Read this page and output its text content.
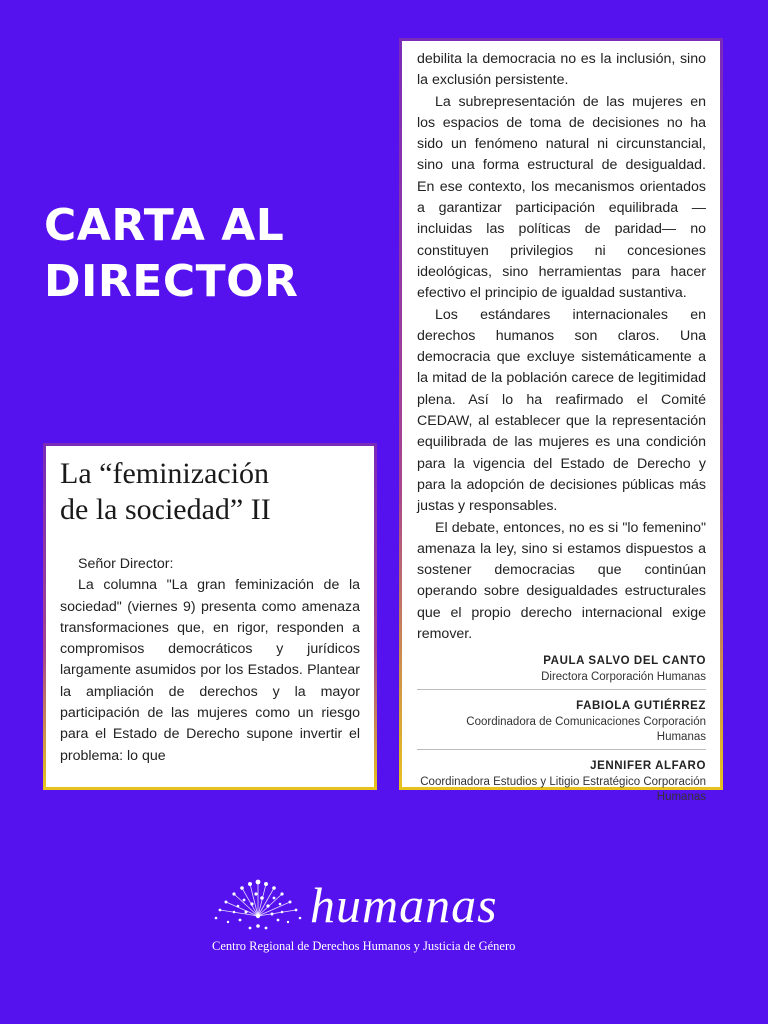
CARTA AL
DIRECTOR
La “feminización
de la sociedad” II

Señor Director:

La columna "La gran feminización de la sociedad" (viernes 9) presenta como amenaza transformaciones que, en rigor, responden a compromisos democráticos y jurídicos largamente asumidos por los Estados. Plantear la ampliación de derechos y la mayor participación de las mujeres como un riesgo para el Estado de Derecho supone invertir el problema: lo que

debilita la democracia no es la inclusión, sino la exclusión persistente.

La subrepresentación de las mujeres en los espacios de toma de decisiones no ha sido un fenómeno natural ni circunstancial, sino una forma estructural de desigualdad. En ese contexto, los mecanismos orientados a garantizar participación equilibrada —incluidas las políticas de paridad— no constituyen privilegios ni concesiones ideológicas, sino herramientas para hacer efectivo el principio de igualdad sustantiva.

Los estándares internacionales en derechos humanos son claros. Una democracia que excluye sistemáticamente a la mitad de la población carece de legitimidad plena. Así lo ha reafirmado el Comité CEDAW, al establecer que la representación equilibrada de las mujeres es una condición para la vigencia del Estado de Derecho y para la adopción de decisiones públicas más justas y responsables.

El debate, entonces, no es si "lo femenino" amenaza la ley, sino si estamos dispuestos a sostener democracias que continúan operando sobre desigualdades estructurales que el propio derecho internacional exige remover.

PAULA SALVO DEL CANTO
Directora Corporación Humanas
FABIOLA GUTIÉRREZ
Coordinadora de Comunicaciones Corporación Humanas
JENNIFER ALFARO
Coordinadora Estudios y Litigio Estratégico Corporación Humanas

humanas

Centro Regional de Derechos Humanos y Justicia de Género
